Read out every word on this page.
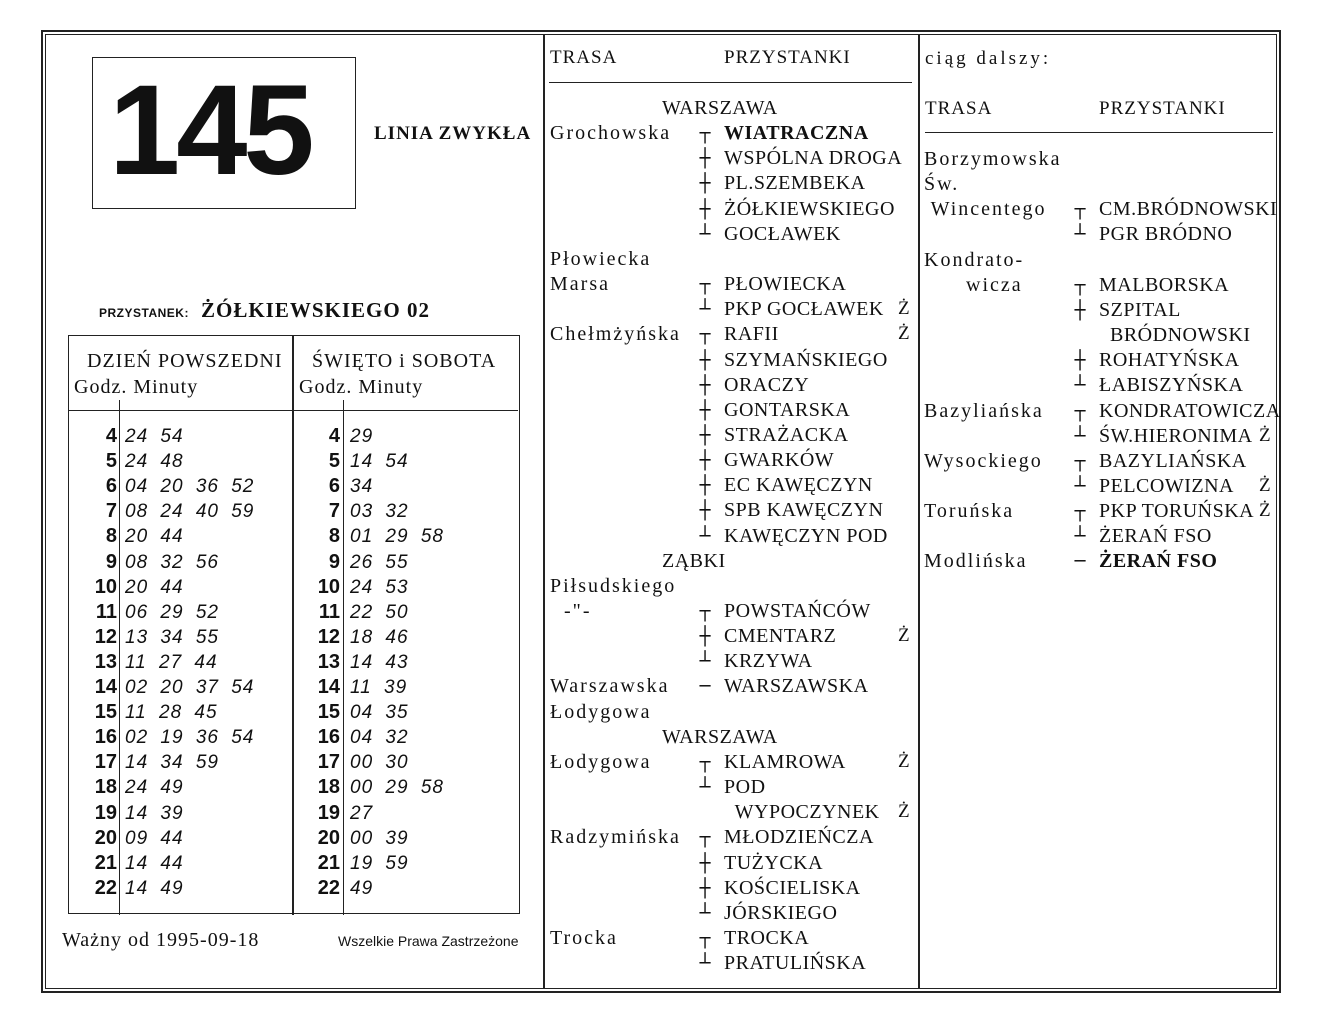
145	LINIA ZWYKŁA
PRZYSTANEK: ŻÓŁKIEWSKIEGO 02
DZIEŃ POWSZEDNI
Godz. Minuty
ŚWIĘTO i SOBOTA
Godz. Minuty
4 24 54
5 24 48
6 04 20 36 52
7 08 24 40 59
8 20 44
9 08 32 56
10 20 44
11 06 29 52
12 13 34 55
13 11 27 44
14 02 20 37 54
15 11 28 45
16 02 19 36 54
17 14 34 59
18 24 49
19 14 39
20 09 44
21 14 44
22 14 49
4 29
5 14 54
6 34
7 03 32
8 01 29 58
9 26 55
10 24 53
11 22 50
12 18 46
13 14 43
14 11 39
15 04 35
16 04 32
17 00 30
18 00 29 58
19 27
20 00 39
21 19 59
22 49
Ważny od 1995-09-18	Wszelkie Prawa Zastrzeżone
TRASA	PRZYSTANKI
WARSZAWA
Grochowska ┬ WIATRACZNA
┼ WSPÓLNA DROGA
┼ PL.SZEMBEKA
┼ ŻÓŁKIEWSKIEGO
┴ GOCŁAWEK
Płowiecka
Marsa	┬ PŁOWIECKA
┴ PKP GOCŁAWEK Ż
Chełmżyńska ┬ RAFII	Ż
┼ SZYMAŃSKIEGO
┼ ORACZY
┼ GONTARSKA
┼ STRAŻACKA
┼ GWARKÓW
┼ EC KAWĘCZYN
┼ SPB KAWĘCZYN
┴ KAWĘCZYN POD
ZĄBKI
Piłsudskiego
-"-	┬ POWSTAŃCÓW
┼ CMENTARZ	Ż
┴ KRZYWA
Warszawska ─ WARSZAWSKA
Łodygowa
WARSZAWA
Łodygowa	┬ KLAMROWA	Ż
┴ POD
WYPOCZYNEK Ż
Radzymińska ┬ MŁODZIEŃCZA
┼ TUŻYCKA
┼ KOŚCIELISKA
┴ JÓRSKIEGO
Trocka	┬ TROCKA
┴ PRATULIŃSKA
ciąg dalszy:
TRASA	PRZYSTANKI
Borzymowska
Św.
Wincentego ┬ CM.BRÓDNOWSKI
┴ PGR BRÓDNO
Kondrato-
wicza	┬ MALBORSKA
┼ SZPITAL
BRÓDNOWSKI
┼ ROHATYŃSKA
┴ ŁABISZYŃSKA
Bazyliańska ┬ KONDRATOWICZA
┴ ŚW.HIERONIMA Ż
Wysockiego ┬ BAZYLIAŃSKA
┴ PELCOWIZNA Ż
Toruńska	┬ PKP TORUŃSKA Ż
┴ ŻERAŃ FSO
Modlińska	─ ŻERAŃ FSO
